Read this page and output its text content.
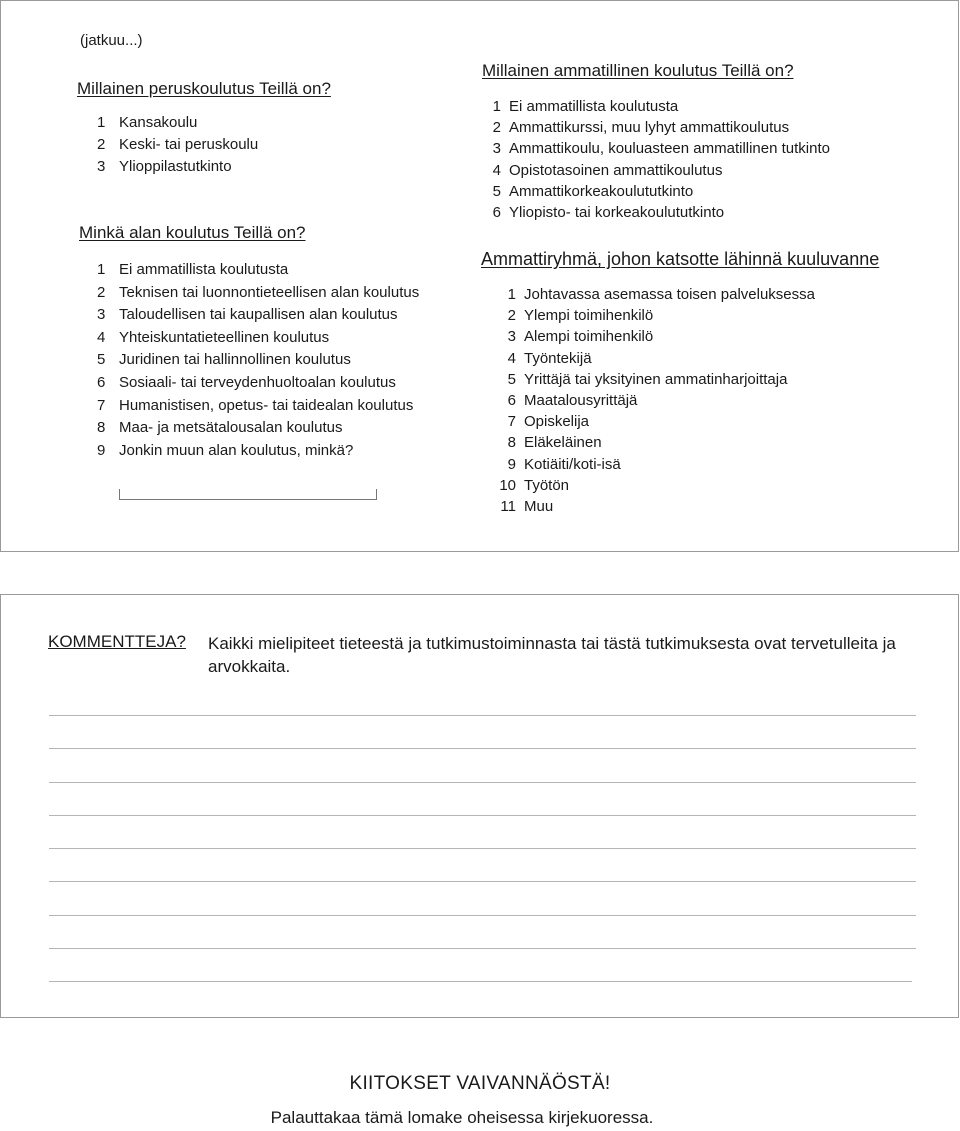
(jatkuu...)
Millainen peruskoulutus Teillä on?
1 Kansakoulu
2 Keski- tai peruskoulu
3 Ylioppilastutkinto
Minkä alan koulutus Teillä on?
1 Ei ammatillista koulutusta
2 Teknisen tai luonnontieteellisen alan koulutus
3 Taloudellisen tai kaupallisen alan koulutus
4 Yhteiskuntatieteellinen koulutus
5 Juridinen tai hallinnollinen koulutus
6 Sosiaali- tai terveydenhuoltoalan koulutus
7 Humanistisen, opetus- tai taidealan koulutus
8 Maa- ja metsätalousalan koulutus
9 Jonkin muun alan koulutus, minkä?
Millainen ammatillinen koulutus Teillä on?
1 Ei ammatillista koulutusta
2 Ammattikurssi, muu lyhyt ammattikoulutus
3 Ammattikoulu, kouluasteen ammatillinen tutkinto
4 Opistotasoinen ammattikoulutus
5 Ammattikorkeakoulututkinto
6 Yliopisto- tai korkeakoulututkinto
Ammattiryhmä, johon katsotte lähinnä kuuluvanne
1 Johtavassa asemassa toisen palveluksessa
2 Ylempi toimihenkilö
3 Alempi toimihenkilö
4 Työntekijä
5 Yrittäjä tai yksityinen ammatinharjoittaja
6 Maatalousyrittäjä
7 Opiskelija
8 Eläkeläinen
9 Kotiäiti/koti-isä
10 Työtön
11 Muu
KOMMENTTEJA? Kaikki mielipiteet tieteestä ja tutkimustoiminnasta tai tästä tutkimuksesta ovat tervetulleita ja arvokkaita.
KIITOKSET VAIVANNÄÖSTÄ!
Palauttakaa tämä lomake oheisessa kirjekuoressa.
